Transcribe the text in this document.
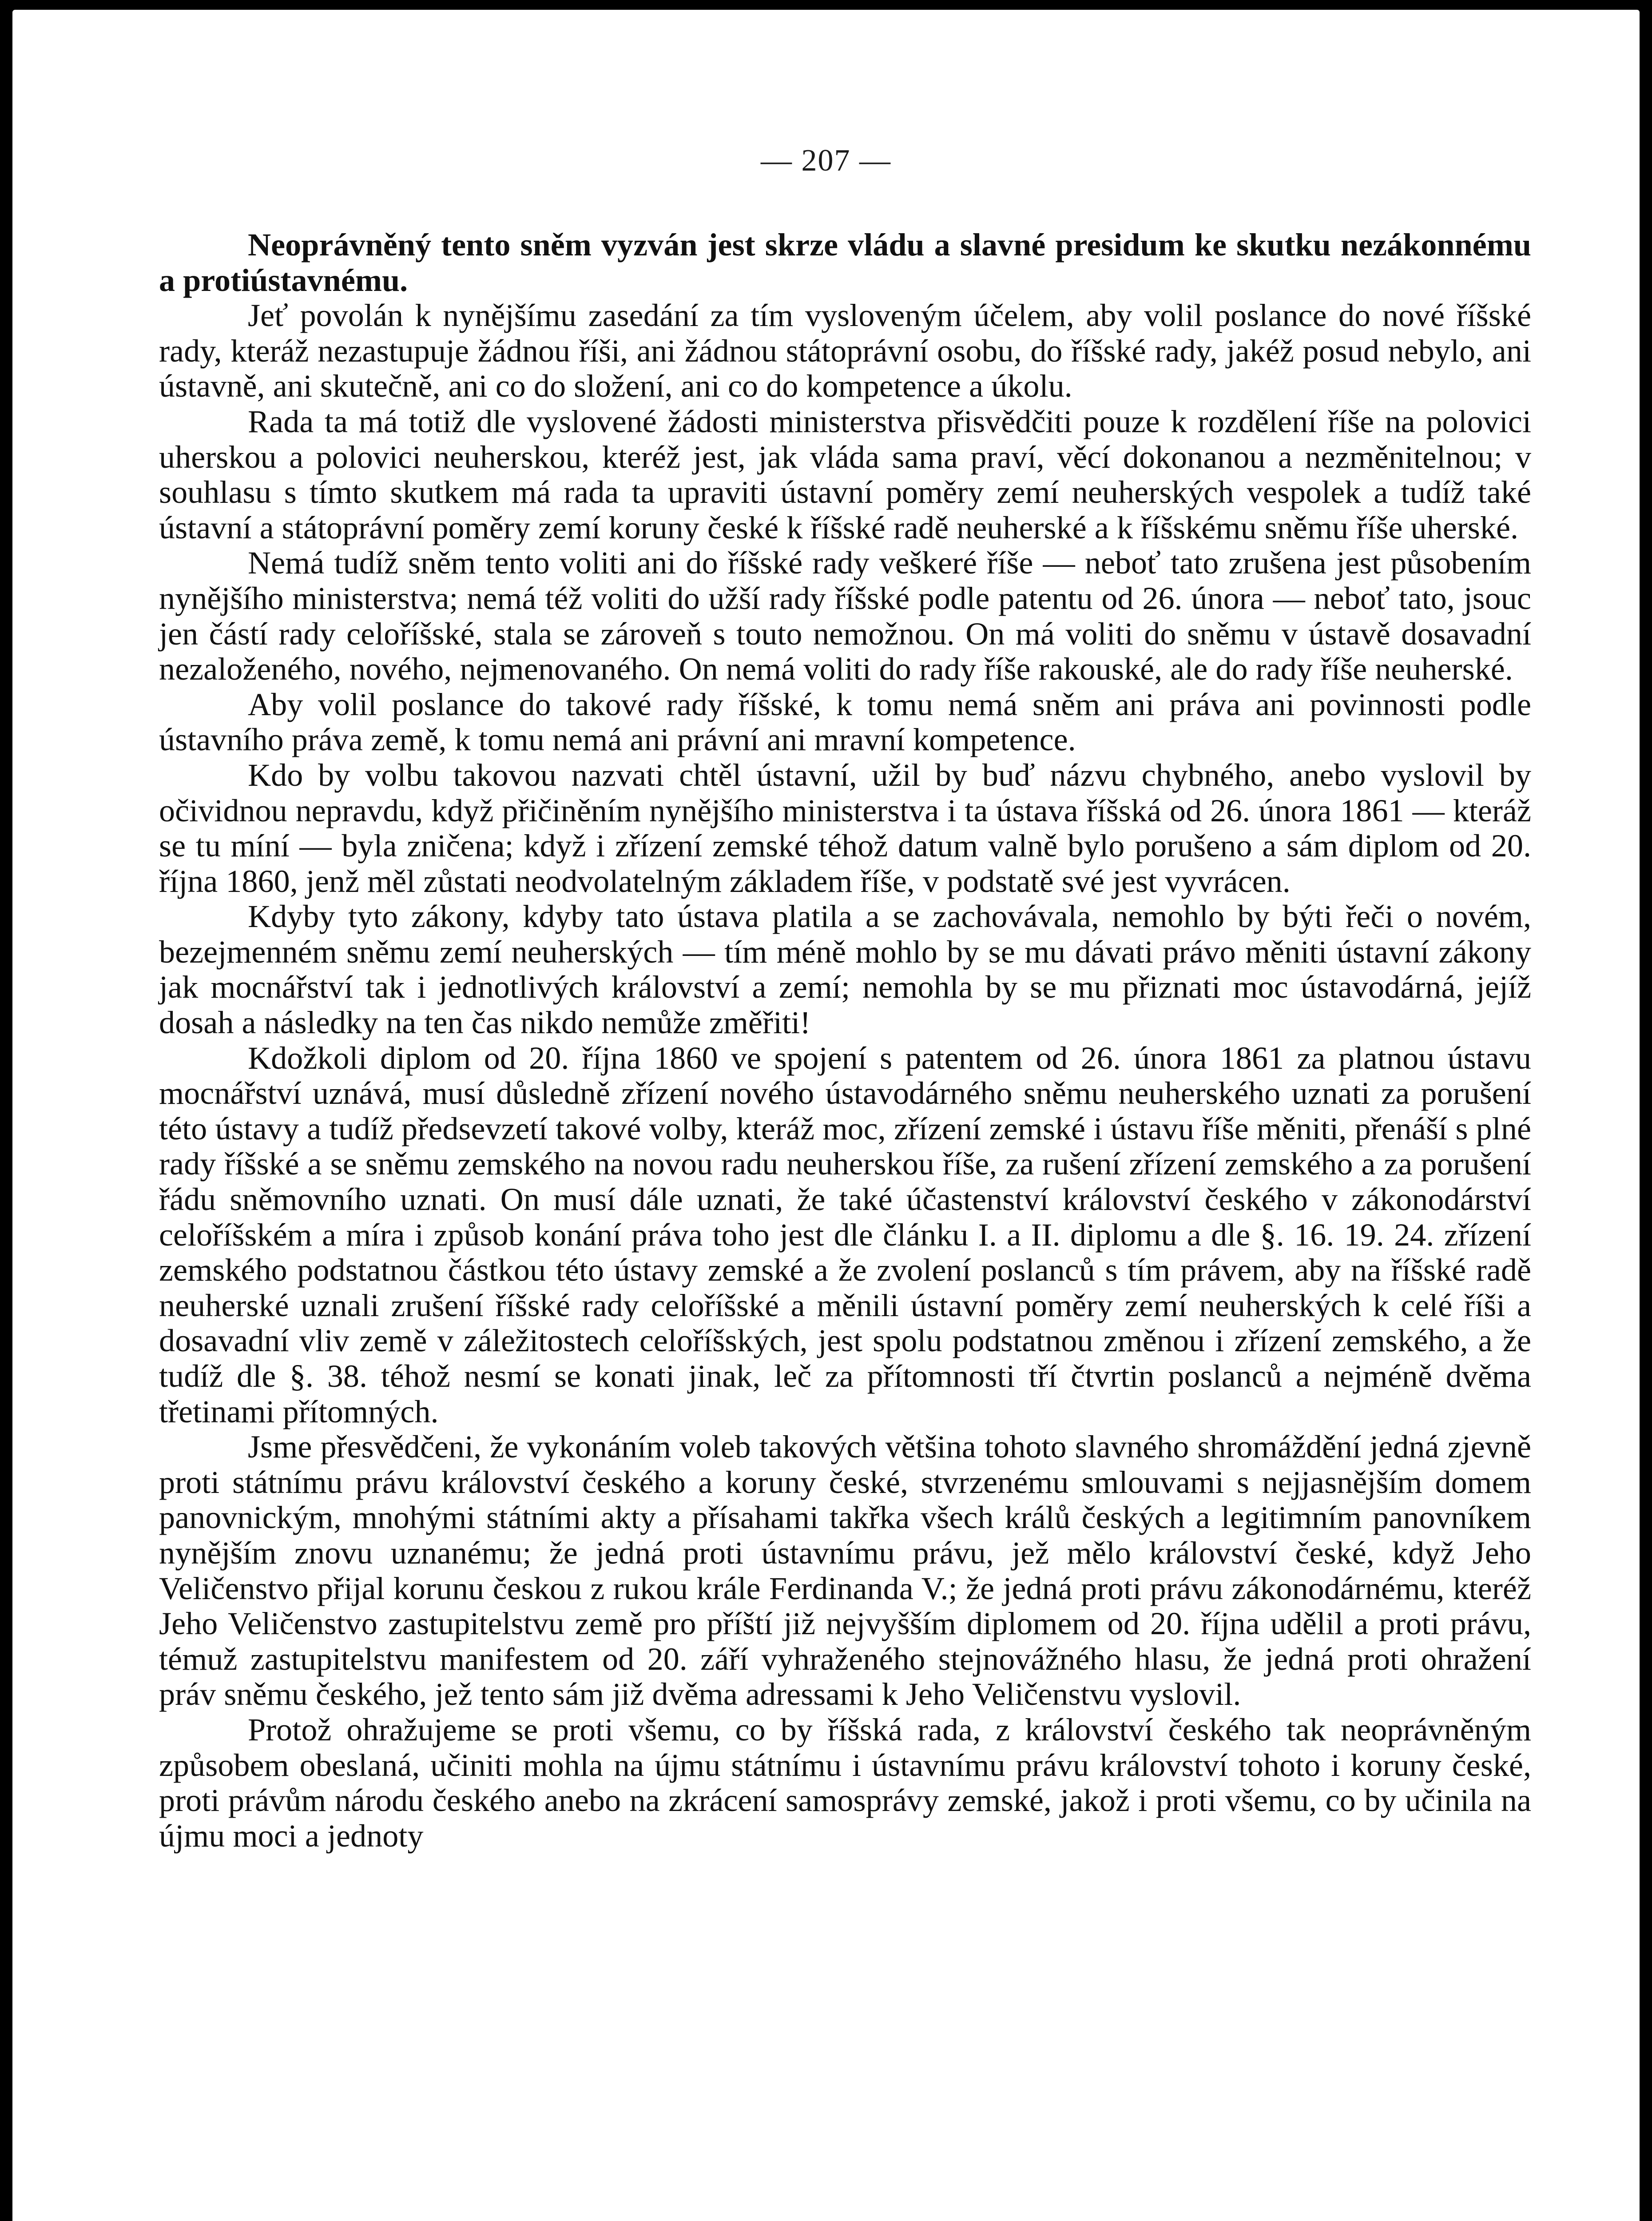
— 207 —

Neoprávněný tento sněm vyzván jest skrze vládu a slavné presidum ke skutku nezákonnému a protiústavnému.

Jeť povolán k nynějšímu zasedání za tím vysloveným účelem, aby volil poslance do nové říšské rady, kteráž nezastupuje žádnou říši, ani žádnou státoprávní osobu, do říšské rady, jakéž posud nebylo, ani ústavně, ani skutečně, ani co do složení, ani co do kompetence a úkolu.

Rada ta má totiž dle vyslovené žádosti ministerstva přisvědčiti pouze k rozdělení říše na polovici uherskou a polovici neuherskou, kteréž jest, jak vláda sama praví, věcí dokonanou a nezměnitelnou; v souhlasu s tímto skutkem má rada ta upraviti ústavní poměry zemí neuherských vespolek a tudíž také ústavní a státoprávní poměry zemí koruny české k říšské radě neuherské a k říšskému sněmu říše uherské.

Nemá tudíž sněm tento voliti ani do říšské rady veškeré říše — neboť tato zrušena jest působením nynějšího ministerstva; nemá též voliti do užší rady říšské podle patentu od 26. února — neboť tato, jsouc jen částí rady celoříšské, stala se zároveň s touto nemožnou. On má voliti do sněmu v ústavě dosavadní nezaloženého, nového, nejmenovaného. On nemá voliti do rady říše rakouské, ale do rady říše neuherské.

Aby volil poslance do takové rady říšské, k tomu nemá sněm ani práva ani povinnosti podle ústavního práva země, k tomu nemá ani právní ani mravní kompetence.

Kdo by volbu takovou nazvati chtěl ústavní, užil by buď názvu chybného, anebo vyslovil by očividnou nepravdu, když přičiněním nynějšího ministerstva i ta ústava říšská od 26. února 1861 — kteráž se tu míní — byla zničena; když i zřízení zemské téhož datum valně bylo porušeno a sám diplom od 20. října 1860, jenž měl zůstati neodvolatelným základem říše, v podstatě své jest vyvrácen.

Kdyby tyto zákony, kdyby tato ústava platila a se zachovávala, nemohlo by býti řeči o novém, bezejmenném sněmu zemí neuherských — tím méně mohlo by se mu dávati právo měniti ústavní zákony jak mocnářství tak i jednotlivých království a zemí; nemohla by se mu přiznati moc ústavodárná, jejíž dosah a následky na ten čas nikdo nemůže změřiti!

Kdožkoli diplom od 20. října 1860 ve spojení s patentem od 26. února 1861 za platnou ústavu mocnářství uznává, musí důsledně zřízení nového ústavodárného sněmu neuherského uznati za porušení této ústavy a tudíž předsevzetí takové volby, kteráž moc, zřízení zemské i ústavu říše měniti, přenáší s plné rady říšské a se sněmu zemského na novou radu neuherskou říše, za rušení zřízení zemského a za porušení řádu sněmovního uznati. On musí dále uznati, že také účastenství království českého v zákonodárství celoříšském a míra i způsob konání práva toho jest dle článku I. a II. diplomu a dle §. 16. 19. 24. zřízení zemského podstatnou částkou této ústavy zemské a že zvolení poslanců s tím právem, aby na říšské radě neuherské uznali zrušení říšské rady celoříšské a měnili ústavní poměry zemí neuherských k celé říši a dosavadní vliv země v záležitostech celoříšských, jest spolu podstatnou změnou i zřízení zemského, a že tudíž dle §. 38. téhož nesmí se konati jinak, leč za přítomnosti tří čtvrtin poslanců a nejméně dvěma třetinami přítomných.

Jsme přesvědčeni, že vykonáním voleb takových většina tohoto slavného shromáždění jedná zjevně proti státnímu právu království českého a koruny české, stvrzenému smlouvami s nejjasnějším domem panovnickým, mnohými státními akty a přísahami takřka všech králů českých a legitimním panovníkem nynějším znovu uznanému; že jedná proti ústavnímu právu, jež mělo království české, když Jeho Veličenstvo přijal korunu českou z rukou krále Ferdinanda V.; že jedná proti právu zákonodárnému, kteréž Jeho Veličenstvo zastupitelstvu země pro příští již nejvyšším diplomem od 20. října udělil a proti právu, témuž zastupitelstvu manifestem od 20. září vyhraženého stejnovážného hlasu, že jedná proti ohražení práv sněmu českého, jež tento sám již dvěma adressami k Jeho Veličenstvu vyslovil.

Protož ohražujeme se proti všemu, co by říšská rada, z království českého tak neoprávněným způsobem obeslaná, učiniti mohla na újmu státnímu i ústavnímu právu království tohoto i koruny české, proti právům národu českého anebo na zkrácení samosprávy zemské, jakož i proti všemu, co by učinila na újmu moci a jednoty
